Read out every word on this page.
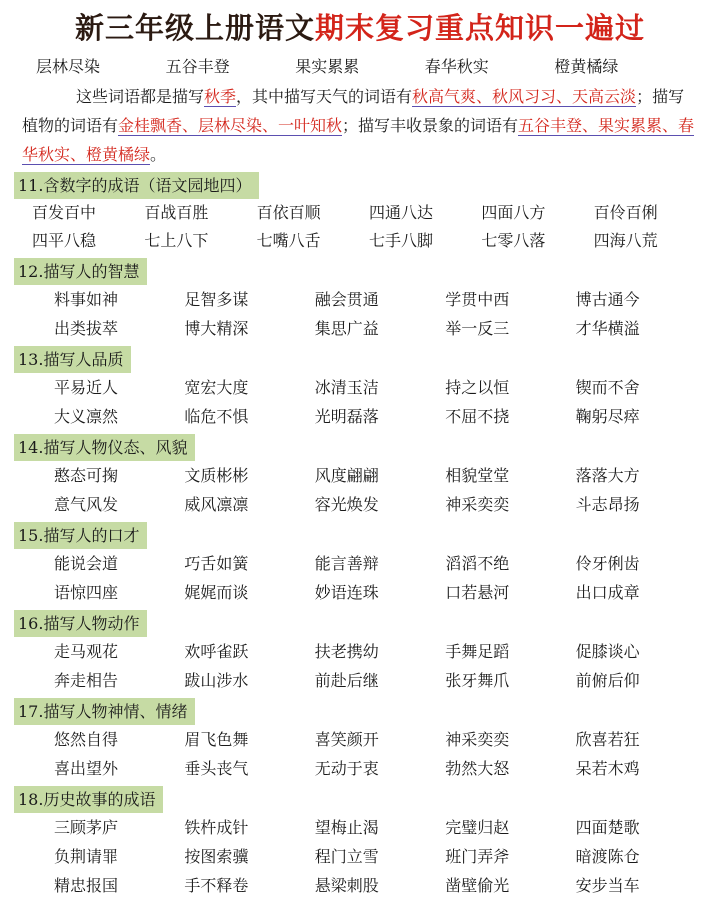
新三年级上册语文期末复习重点知识一遍过
层林尽染	五谷丰登	果实累累	春华秋实	橙黄橘绿
这些词语都是描写秋季，其中描写天气的词语有秋高气爽、秋风习习、天高云淡；描写植物的词语有金桂飘香、层林尽染、一叶知秋；描写丰收景象的词语有五谷丰登、果实累累、春华秋实、橙黄橘绿。
11.含数字的成语（语文园地四）
百发百中	百战百胜	百依百顺	四通八达	四面八方	百伶百俐
四平八稳	七上八下	七嘴八舌	七手八脚	七零八落	四海八荒
12.描写人的智慧
料事如神	足智多谋	融会贯通	学贯中西	博古通今
出类拔萃	博大精深	集思广益	举一反三	才华横溢
13.描写人品质
平易近人	宽宏大度	冰清玉洁	持之以恒	锲而不舍
大义凛然	临危不惧	光明磊落	不屈不挠	鞠躬尽瘁
14.描写人物仪态、风貌
憨态可掬	文质彬彬	风度翩翩	相貌堂堂	落落大方
意气风发	威风凛凛	容光焕发	神采奕奕	斗志昂扬
15.描写人的口才
能说会道	巧舌如簧	能言善辩	滔滔不绝	伶牙俐齿
语惊四座	娓娓而谈	妙语连珠	口若悬河	出口成章
16.描写人物动作
走马观花	欢呼雀跃	扶老携幼	手舞足蹈	促膝谈心
奔走相告	跋山涉水	前赴后继	张牙舞爪	前俯后仰
17.描写人物神情、情绪
悠然自得	眉飞色舞	喜笑颜开	神采奕奕	欣喜若狂
喜出望外	垂头丧气	无动于衷	勃然大怒	呆若木鸡
18.历史故事的成语
三顾茅庐	铁杵成针	望梅止渴	完璧归赵	四面楚歌
负荆请罪	按图索骥	程门立雪	班门弄斧	暗渡陈仓
精忠报国	手不释卷	悬梁刺股	凿壁偷光	安步当车
